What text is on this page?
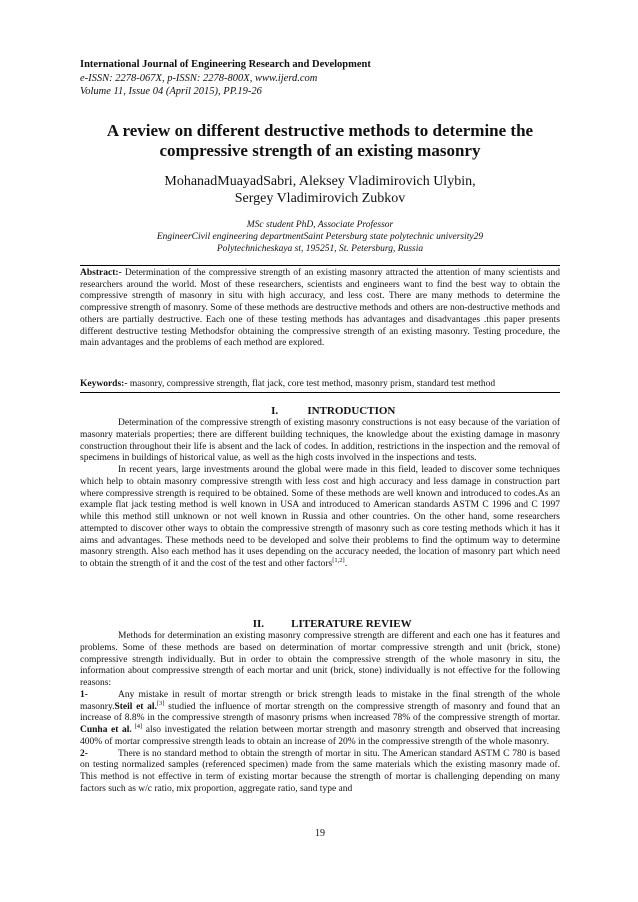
International Journal of Engineering Research and Development
e-ISSN: 2278-067X, p-ISSN: 2278-800X, www.ijerd.com
Volume 11, Issue 04 (April 2015), PP.19-26
A review on different destructive methods to determine the compressive strength of an existing masonry
MohanadMuayadSabri, Aleksey Vladimirovich Ulybin,
Sergey Vladimirovich Zubkov
MSc student PhD, Associate Professor
EngineerCivil engineering departmentSaint Petersburg state polytechnic university29
Polytechnicheskaya st, 195251, St. Petersburg, Russia
Abstract:- Determination of the compressive strength of an existing masonry attracted the attention of many scientists and researchers around the world. Most of these researchers, scientists and engineers want to find the best way to obtain the compressive strength of masonry in situ with high accuracy, and less cost. There are many methods to determine the compressive strength of masonry. Some of these methods are destructive methods and others are non-destructive methods and others are partially destructive. Each one of these testing methods has advantages and disadvantages .this paper presents different destructive testing Methodsfor obtaining the compressive strength of an existing masonry. Testing procedure, the main advantages and the problems of each method are explored.
Keywords:- masonry, compressive strength, flat jack, core test method, masonry prism, standard test method
I.	INTRODUCTION

Determination of the compressive strength of existing masonry constructions is not easy because of the variation of masonry materials properties; there are different building techniques, the knowledge about the existing damage in masonry construction throughout their life is absent and the lack of codes. In addition, restrictions in the inspection and the removal of specimens in buildings of historical value, as well as the high costs involved in the inspections and tests.

In recent years, large investments around the global were made in this field, leaded to discover some techniques which help to obtain masonry compressive strength with less cost and high accuracy and less damage in construction part where compressive strength is required to be obtained. Some of these methods are well known and introduced to codes.As an example flat jack testing method is well known in USA and introduced to American standards ASTM C 1996 and C 1997 while this method still unknown or not well known in Russia and other countries. On the other hand, some researchers attempted to discover other ways to obtain the compressive strength of masonry such as core testing methods which it has it aims and advantages. These methods need to be developed and solve their problems to find the optimum way to determine masonry strength. Also each method has it uses depending on the accuracy needed, the location of masonry part which need to obtain the strength of it and the cost of the test and other factors[1,2].

II. LITERATURE REVIEW

Methods for determination an existing masonry compressive strength are different and each one has it features and problems. Some of these methods are based on determination of mortar compressive strength and unit (brick, stone) compressive strength individually. But in order to obtain the compressive strength of the whole masonry in situ, the information about compressive strength of each mortar and unit (brick, stone) individually is not effective for the following reasons:

1-	Any mistake in result of mortar strength or brick strength leads to mistake in the final strength of the whole masonry.Steil et al.[3] studied the influence of mortar strength on the compressive strength of masonry and found that an increase of 8.8% in the compressive strength of masonry prisms when increased 78% of the compressive strength of mortar. Cunha et al. [4] also investigated the relation between mortar strength and masonry strength and observed that increasing 400% of mortar compressive strength leads to obtain an increase of 20% in the compressive strength of the whole masonry.

2-	There is no standard method to obtain the strength of mortar in situ. The American standard ASTM C 780 is based on testing normalized samples (referenced specimen) made from the same materials which the existing masonry made of. This method is not effective in term of existing mortar because the strength of mortar is challenging depending on many factors such as w/c ratio, mix proportion, aggregate ratio, sand type and

19
